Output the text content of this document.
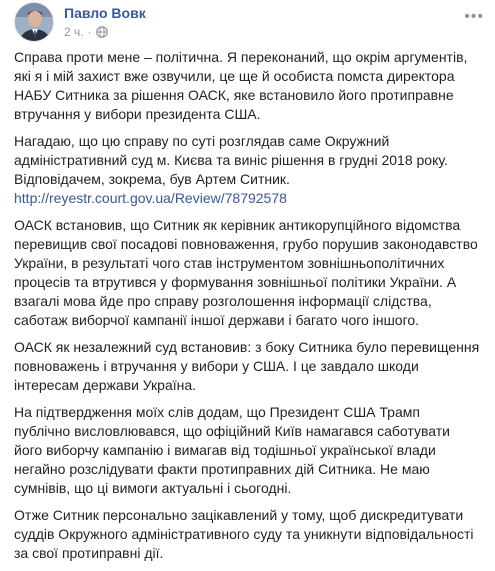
Павло Вовк
2 ч. ·
•••

Справа проти мене – політична. Я переконаний, що окрім аргументів, які я і мій захист вже озвучили, це ще й особиста помста директора НАБУ Ситника за рішення ОАСК, яке встановило його протиправне втручання у вибори президента США.

Нагадаю, що цю справу по суті розглядав саме Окружний адміністративний суд м. Києва та виніс рішення в грудні 2018 року. Відповідачем, зокрема, був Артем Ситник.
http://reyestr.court.gov.ua/Review/78792578

ОАСК встановив, що Ситник як керівник антикорупційного відомства перевищив свої посадові повноваження, грубо порушив законодавство України, в результаті чого став інструментом зовнішньополітичних процесів та втрутився у формування зовнішньої політики України. А взагалі мова йде про справу розголошення інформації слідства, саботаж виборчої кампанії іншої держави і багато чого іншого.

ОАСК як незалежний суд встановив: з боку Ситника було перевищення повноважень і втручання у вибори у США. І це завдало шкоди інтересам держави Україна.

На підтвердження моїх слів додам, що Президент США Трамп публічно висловлювався, що офіційний Київ намагався саботувати його виборчу кампанію і вимагав від тодішньої української влади негайно розслідувати факти протиправних дій Ситника. Не маю сумнівів, що ці вимоги актуальні і сьогодні.

Отже Ситник персонально зацікавлений у тому, щоб дискредитувати суддів Окружного адміністративного суду та уникнути відповідальності за свої протиправні дії.
